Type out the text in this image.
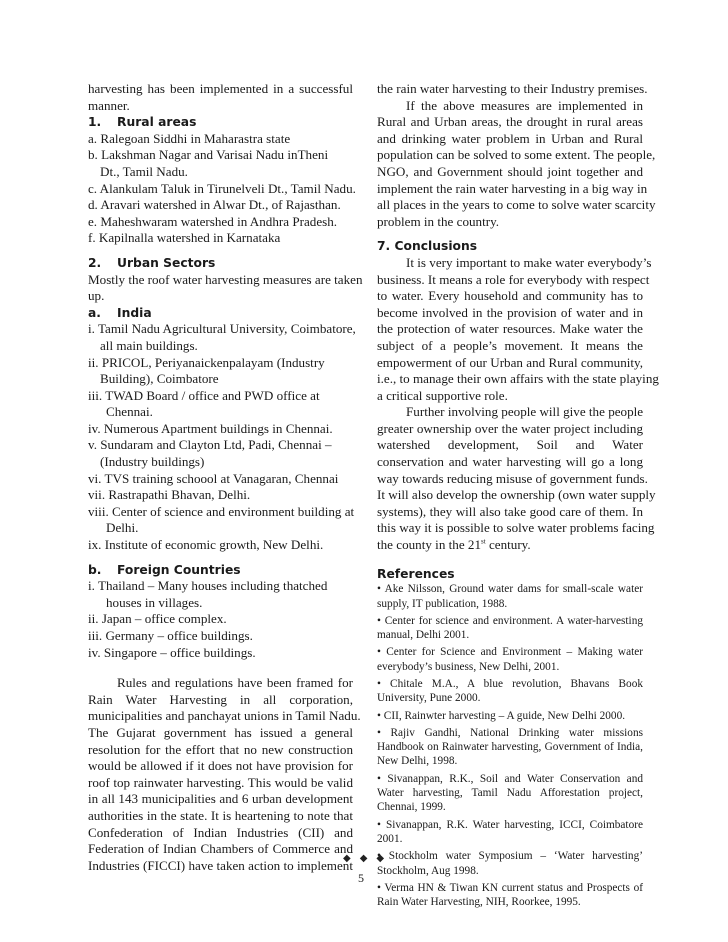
harvesting has been implemented in a successful
manner.
1. Rural areas
a. Ralegoan Siddhi in Maharastra state
b. Lakshman Nagar and Varisai Nadu inTheni
Dt., Tamil Nadu.
c. Alankulam Taluk in Tirunelveli Dt., Tamil Nadu.
d. Aravari watershed in Alwar Dt., of Rajasthan.
e. Maheshwaram watershed in Andhra Pradesh.
f. Kapilnalla watershed in Karnataka
2. Urban Sectors
Mostly the roof water harvesting measures are taken
up.
a. India
i. Tamil Nadu Agricultural University, Coimbatore,
all main buildings.
ii. PRICOL, Periyanaickenpalayam (Industry
Building), Coimbatore
iii. TWAD Board / office and PWD office at
Chennai.
iv. Numerous Apartment buildings in Chennai.
v. Sundaram and Clayton Ltd, Padi, Chennai –
(Industry buildings)
vi. TVS training schoool at Vanagaran, Chennai
vii. Rastrapathi Bhavan, Delhi.
viii. Center of science and environment building at
Delhi.
ix. Institute of economic growth, New Delhi.
b. Foreign Countries
i. Thailand – Many houses including thatched
houses in villages.
ii. Japan – office complex.
iii. Germany – office buildings.
iv. Singapore – office buildings.
Rules and regulations have been framed for
Rain Water Harvesting in all corporation,
municipalities and panchayat unions in Tamil Nadu.
The Gujarat government has issued a general
resolution for the effort that no new construction
would be allowed if it does not have provision for
roof top rainwater harvesting. This would be valid
in all 143 municipalities and 6 urban development
authorities in the state. It is heartening to note that
Confederation of Indian Industries (CII) and
Federation of Indian Chambers of Commerce and
Industries (FICCI) have taken action to implement
the rain water harvesting to their Industry premises.
If the above measures are implemented in
Rural and Urban areas, the drought in rural areas
and drinking water problem in Urban and Rural
population can be solved to some extent. The people,
NGO, and Government should joint together and
implement the rain water harvesting in a big way in
all places in the years to come to solve water scarcity
problem in the country.
7. Conclusions
It is very important to make water everybody’s
business. It means a role for everybody with respect
to water. Every household and community has to
become involved in the provision of water and in
the protection of water resources. Make water the
subject of a people’s movement. It means the
empowerment of our Urban and Rural community,
i.e., to manage their own affairs with the state playing
a critical supportive role.
Further involving people will give the people
greater ownership over the water project including
watershed development, Soil and Water
conservation and water harvesting will go a long
way towards reducing misuse of government funds.
It will also develop the ownership (own water supply
systems), they will also take good care of them. In
this way it is possible to solve water problems facing
the county in the 21st century.
References
• Ake Nilsson, Ground water dams for small-scale water
supply, IT publication, 1988.
• Center for science and environment. A water-harvesting
manual, Delhi 2001.
• Center for Science and Environment – Making water
everybody’s business, New Delhi, 2001.
• Chitale M.A., A blue revolution, Bhavans Book
University, Pune 2000.
• CII, Rainwter harvesting – A guide, New Delhi 2000.
• Rajiv Gandhi, National Drinking water missions
Handbook on Rainwater harvesting, Government of India,
New Delhi, 1998.
• Sivanappan, R.K., Soil and Water Conservation and
Water harvesting, Tamil Nadu Afforestation project,
Chennai, 1999.
• Sivanappan, R.K. Water harvesting, ICCI, Coimbatore
2001.
• Stockholm water Symposium – ‘Water harvesting’
Stockholm, Aug 1998.
• Verma HN & Tiwan KN current status and Prospects of
Rain Water Harvesting, NIH, Roorkee, 1995.
◆◆◆
5
